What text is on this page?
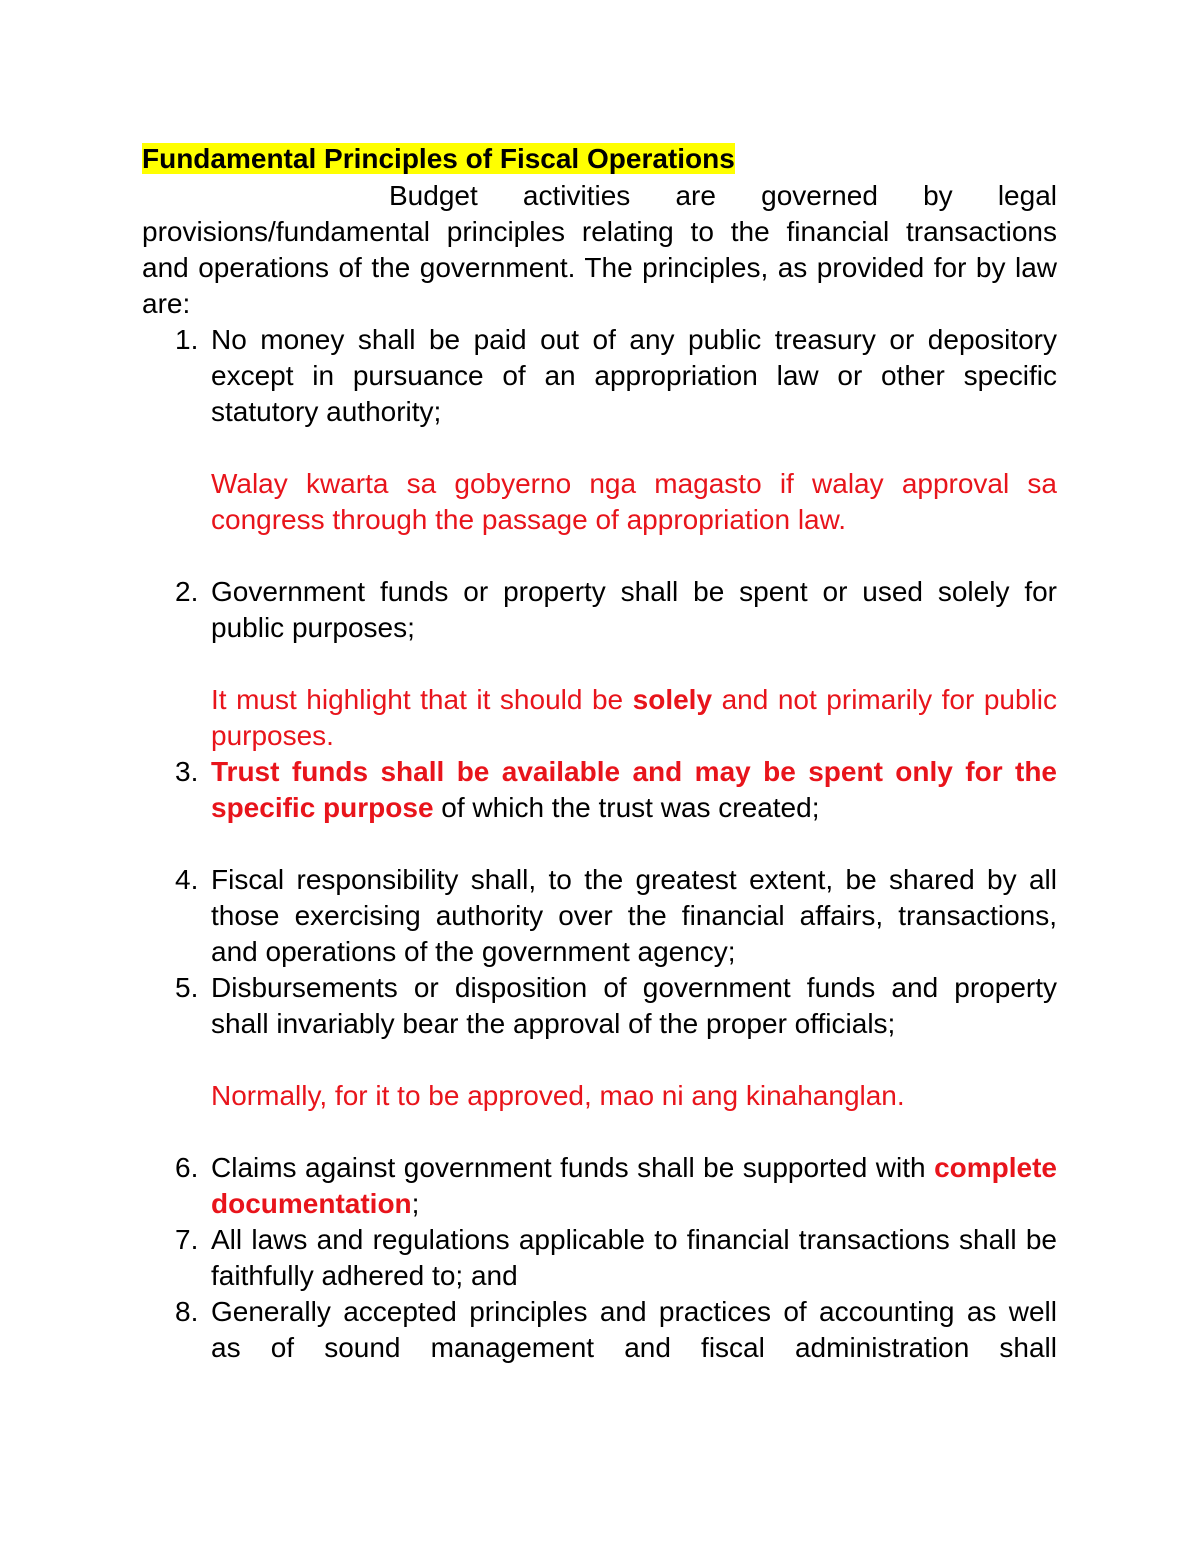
Fundamental Principles of Fiscal Operations

Budget activities are governed by legal provisions/fundamental principles relating to the financial transactions and operations of the government. The principles, as provided for by law are:

1. No money shall be paid out of any public treasury or depository except in pursuance of an appropriation law or other specific statutory authority;
Walay kwarta sa gobyerno nga magasto if walay approval sa congress through the passage of appropriation law.
2. Government funds or property shall be spent or used solely for public purposes;
It must highlight that it should be solely and not primarily for public purposes.
3. Trust funds shall be available and may be spent only for the specific purpose of which the trust was created;
4. Fiscal responsibility shall, to the greatest extent, be shared by all those exercising authority over the financial affairs, transactions, and operations of the government agency;
5. Disbursements or disposition of government funds and property shall invariably bear the approval of the proper officials;
Normally, for it to be approved, mao ni ang kinahanglan.
6. Claims against government funds shall be supported with complete documentation;
7. All laws and regulations applicable to financial transactions shall be faithfully adhered to; and
8. Generally accepted principles and practices of accounting as well as of sound management and fiscal administration shall
